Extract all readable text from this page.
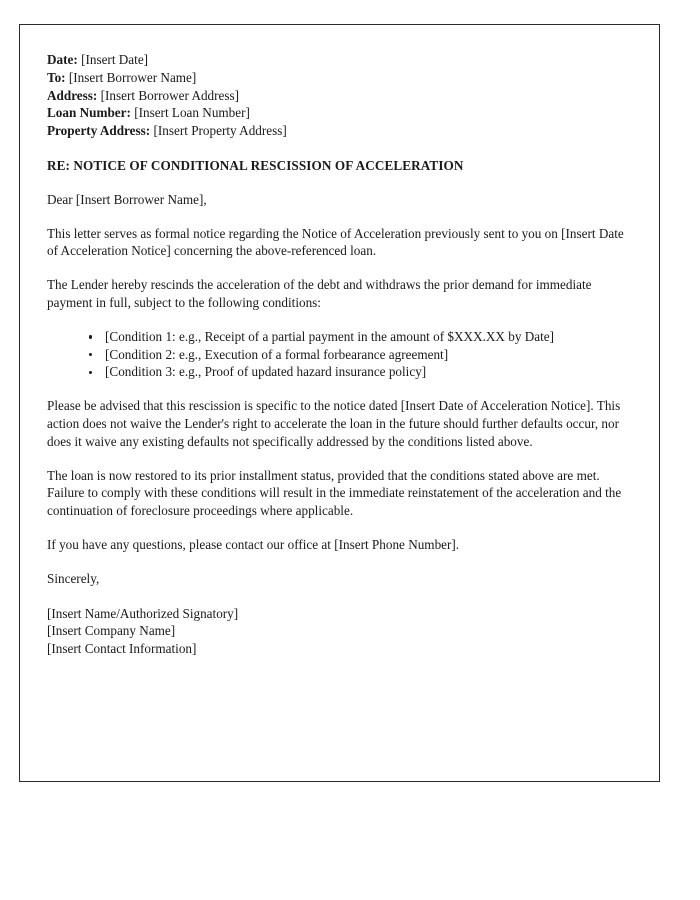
Date: [Insert Date]

To: [Insert Borrower Name]

Address: [Insert Borrower Address]

Loan Number: [Insert Loan Number]

Property Address: [Insert Property Address]

RE: NOTICE OF CONDITIONAL RESCISSION OF ACCELERATION

Dear [Insert Borrower Name],

This letter serves as formal notice regarding the Notice of Acceleration previously sent to you on [Insert Date of Acceleration Notice] concerning the above-referenced loan.

The Lender hereby rescinds the acceleration of the debt and withdraws the prior demand for immediate payment in full, subject to the following conditions:

[Condition 1: e.g., Receipt of a partial payment in the amount of $XXX.XX by Date]
[Condition 2: e.g., Execution of a formal forbearance agreement]
[Condition 3: e.g., Proof of updated hazard insurance policy]

Please be advised that this rescission is specific to the notice dated [Insert Date of Acceleration Notice]. This action does not waive the Lender's right to accelerate the loan in the future should further defaults occur, nor does it waive any existing defaults not specifically addressed by the conditions listed above.

The loan is now restored to its prior installment status, provided that the conditions stated above are met. Failure to comply with these conditions will result in the immediate reinstatement of the acceleration and the continuation of foreclosure proceedings where applicable.

If you have any questions, please contact our office at [Insert Phone Number].

Sincerely,

[Insert Name/Authorized Signatory]

[Insert Company Name]

[Insert Contact Information]
